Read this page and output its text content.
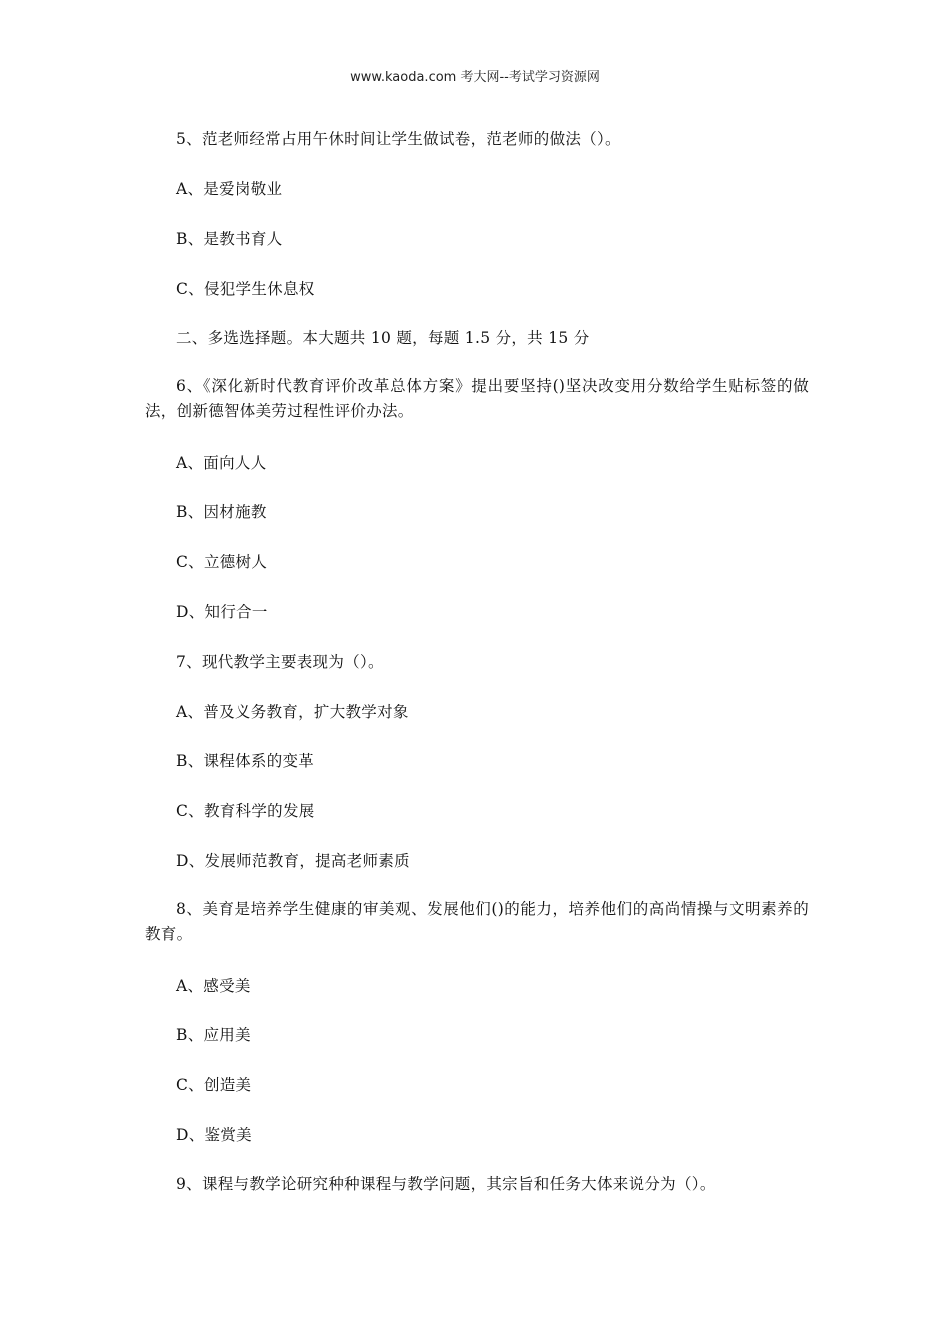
www.kaoda.com 考大网--考试学习资源网
5、范老师经常占用午休时间让学生做试卷，范老师的做法（）。
A、是爱岗敬业
B、是教书育人
C、侵犯学生休息权
二、多选选择题。本大题共 10 题，每题 1.5 分，共 15 分
6、《深化新时代教育评价改革总体方案》提出要坚持()坚决改变用分数给学生贴标签的做法，创新德智体美劳过程性评价办法。
A、面向人人
B、因材施教
C、立德树人
D、知行合一
7、现代教学主要表现为（）。
A、普及义务教育，扩大教学对象
B、课程体系的变革
C、教育科学的发展
D、发展师范教育，提高老师素质
8、美育是培养学生健康的审美观、发展他们()的能力，培养他们的高尚情操与文明素养的教育。
A、感受美
B、应用美
C、创造美
D、鉴赏美
9、课程与教学论研究种种课程与教学问题，其宗旨和任务大体来说分为（）。
